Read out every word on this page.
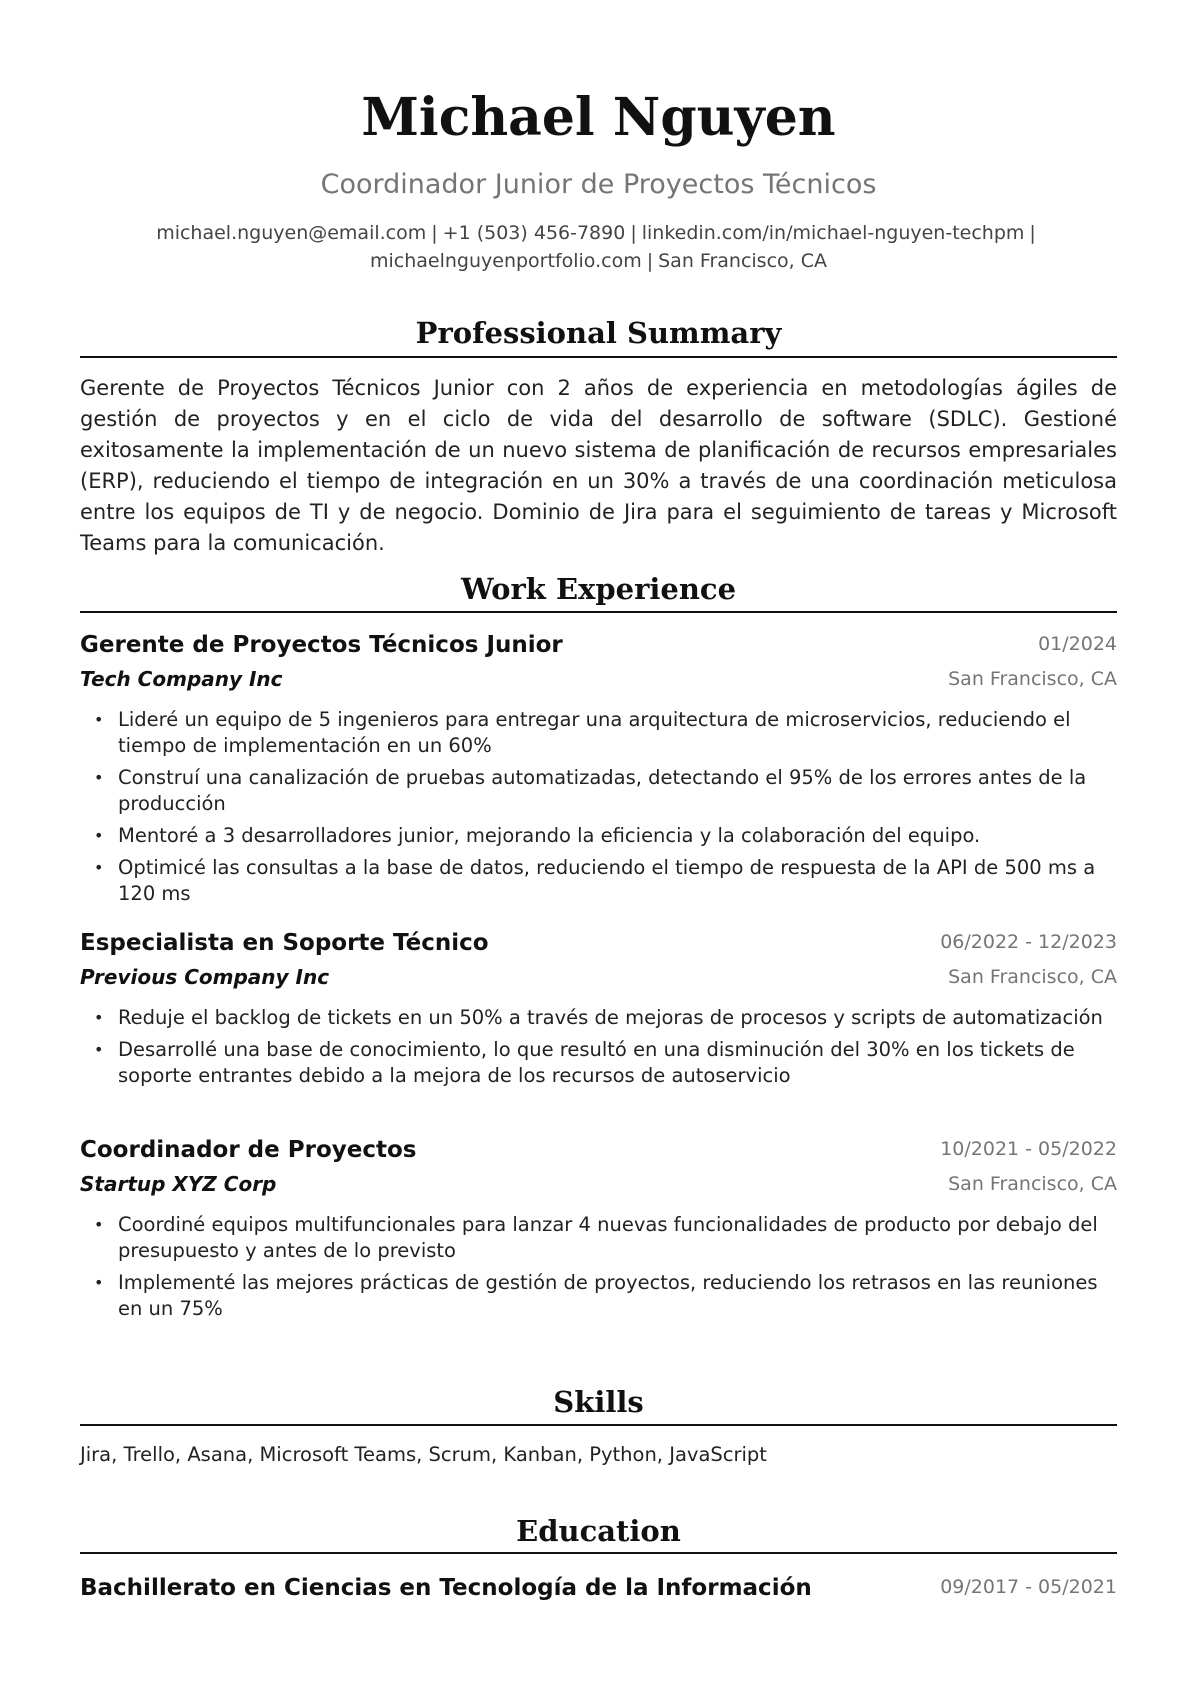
Michael Nguyen
Coordinador Junior de Proyectos Técnicos
michael.nguyen@email.com | +1 (503) 456-7890 | linkedin.com/in/michael-nguyen-techpm |
michaelnguyenportfolio.com | San Francisco, CA
Professional Summary
Gerente de Proyectos Técnicos Junior con 2 años de experiencia en metodologías ágiles de gestión de proyectos y en el ciclo de vida del desarrollo de software (SDLC). Gestioné exitosamente la implementación de un nuevo sistema de planificación de recursos empresariales (ERP), reduciendo el tiempo de integración en un 30% a través de una coordinación meticulosa entre los equipos de TI y de negocio. Dominio de Jira para el seguimiento de tareas y Microsoft Teams para la comunicación.
Work Experience
Gerente de Proyectos Técnicos Junior	01/2024
Tech Company Inc	San Francisco, CA
• Lideré un equipo de 5 ingenieros para entregar una arquitectura de microservicios, reduciendo el tiempo de implementación en un 60%
• Construí una canalización de pruebas automatizadas, detectando el 95% de los errores antes de la producción
• Mentoré a 3 desarrolladores junior, mejorando la eficiencia y la colaboración del equipo.
• Optimicé las consultas a la base de datos, reduciendo el tiempo de respuesta de la API de 500 ms a 120 ms
Especialista en Soporte Técnico	06/2022 - 12/2023
Previous Company Inc	San Francisco, CA
• Reduje el backlog de tickets en un 50% a través de mejoras de procesos y scripts de automatización
• Desarrollé una base de conocimiento, lo que resultó en una disminución del 30% en los tickets de soporte entrantes debido a la mejora de los recursos de autoservicio
Coordinador de Proyectos	10/2021 - 05/2022
Startup XYZ Corp	San Francisco, CA
• Coordiné equipos multifuncionales para lanzar 4 nuevas funcionalidades de producto por debajo del presupuesto y antes de lo previsto
• Implementé las mejores prácticas de gestión de proyectos, reduciendo los retrasos en las reuniones en un 75%
Skills
Jira, Trello, Asana, Microsoft Teams, Scrum, Kanban, Python, JavaScript
Education
Bachillerato en Ciencias en Tecnología de la Información	09/2017 - 05/2021
